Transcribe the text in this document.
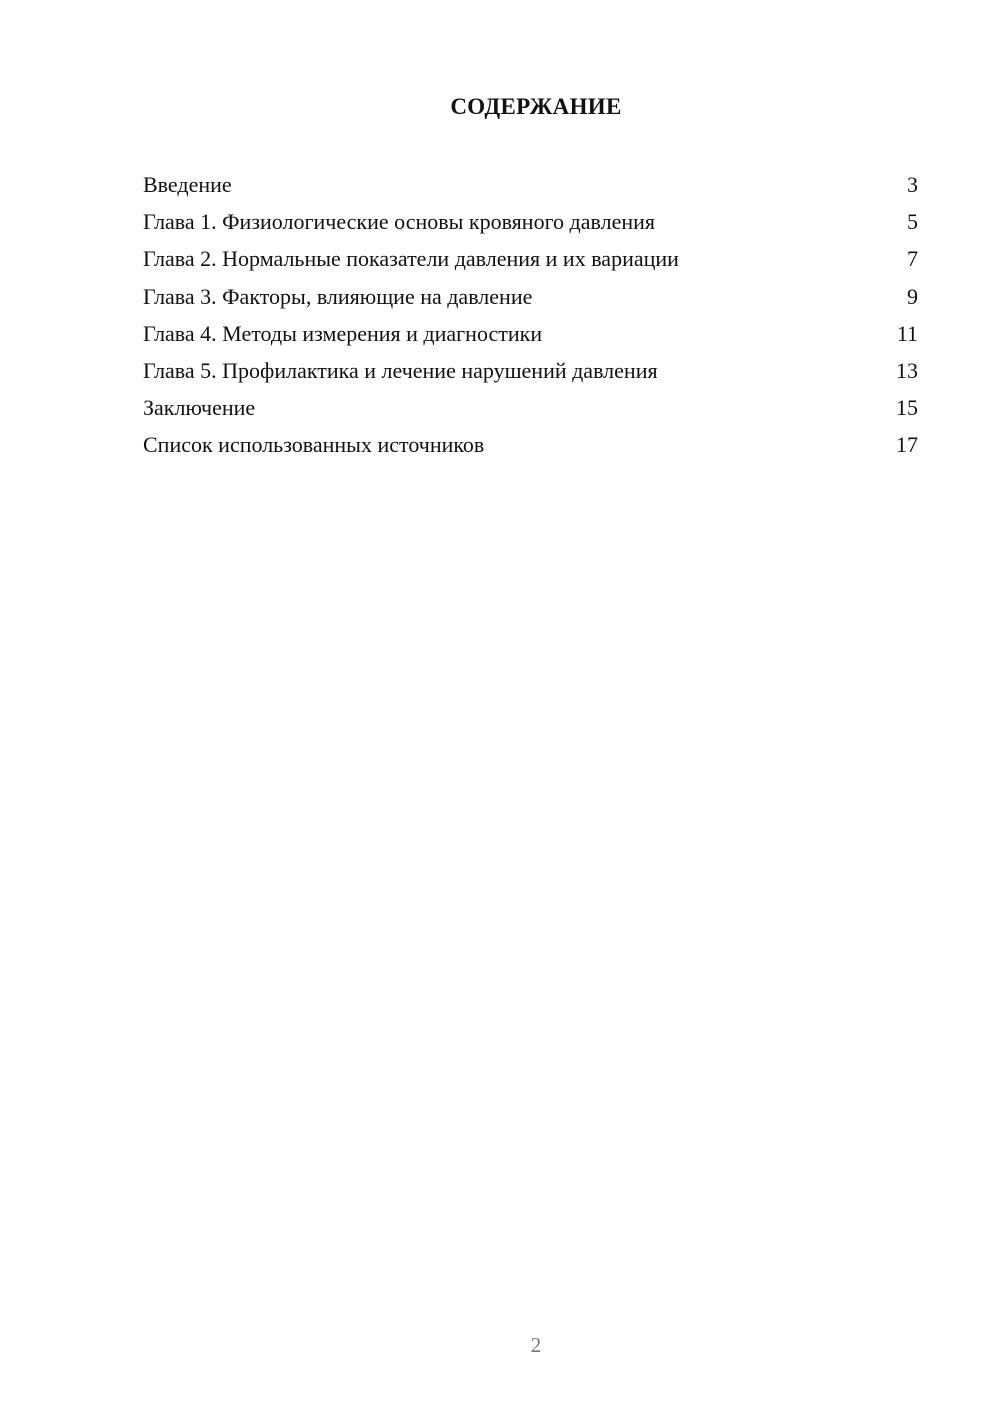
СОДЕРЖАНИЕ
Введение	3
Глава 1. Физиологические основы кровяного давления	5
Глава 2. Нормальные показатели давления и их вариации	7
Глава 3. Факторы, влияющие на давление	9
Глава 4. Методы измерения и диагностики	11
Глава 5. Профилактика и лечение нарушений давления	13
Заключение	15
Список использованных источников	17
2
